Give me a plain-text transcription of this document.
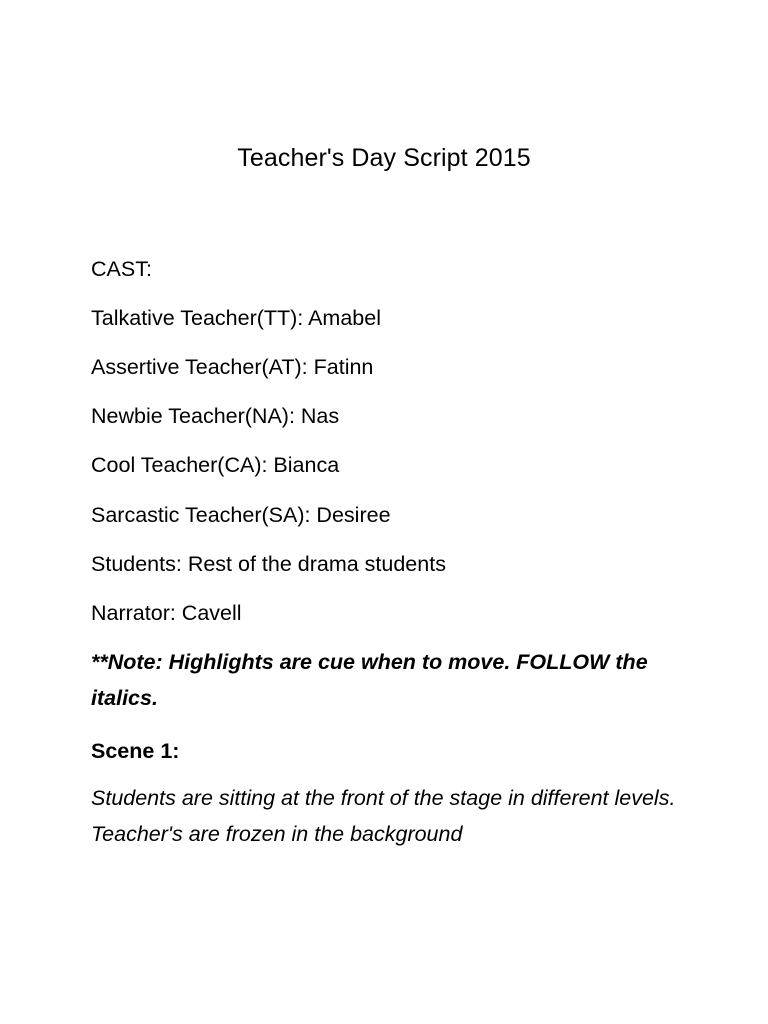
Teacher's Day Script 2015
CAST:
Talkative Teacher(TT): Amabel
Assertive Teacher(AT): Fatinn
Newbie Teacher(NA): Nas
Cool Teacher(CA): Bianca
Sarcastic Teacher(SA): Desiree
Students: Rest of the drama students
Narrator: Cavell
**Note: Highlights are cue when to move. FOLLOW the italics.
Scene 1:
Students are sitting at the front of the stage in different levels. Teacher's are frozen in the background
